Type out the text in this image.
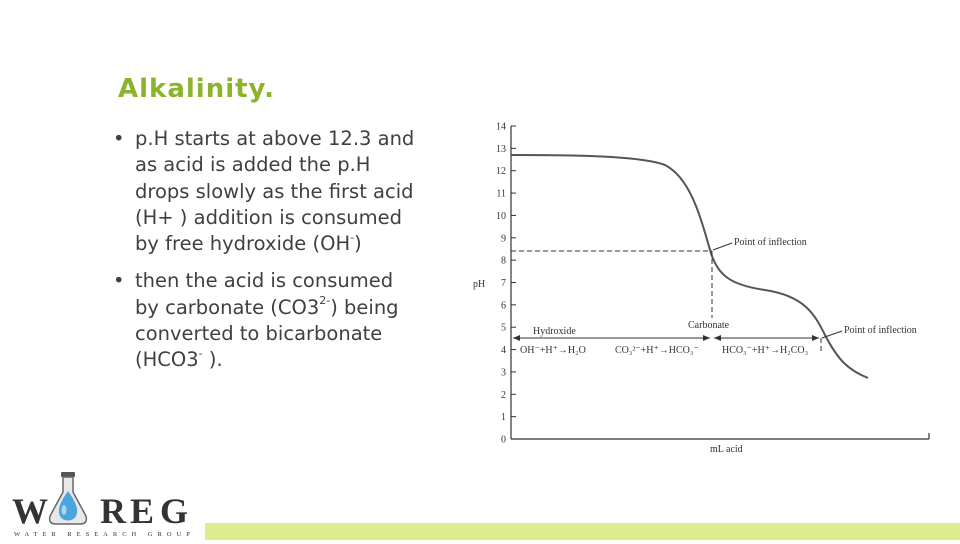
Alkalinity.
• p.H starts at above 12.3 and as acid is added the p.H drops slowly as the first acid (H+ ) addition is consumed by free hydroxide (OH-)
• then the acid is consumed by carbonate $(CO3^{2-})$ being converted to bicarbonate (HCO3- ).
0
1
2
3
4
5
6
7
8
9
10
11
12
13
14
pH
mL acid
Point of inflection
Point of inflection
Hydroxide
Carbonate
OH⁻+H⁺→H₂O	CO₃²⁻+H⁺→HCO₃⁻ HCO₃⁻+H⁺→H₂CO₃
W R E G
WATER RESEARCH GROUP
